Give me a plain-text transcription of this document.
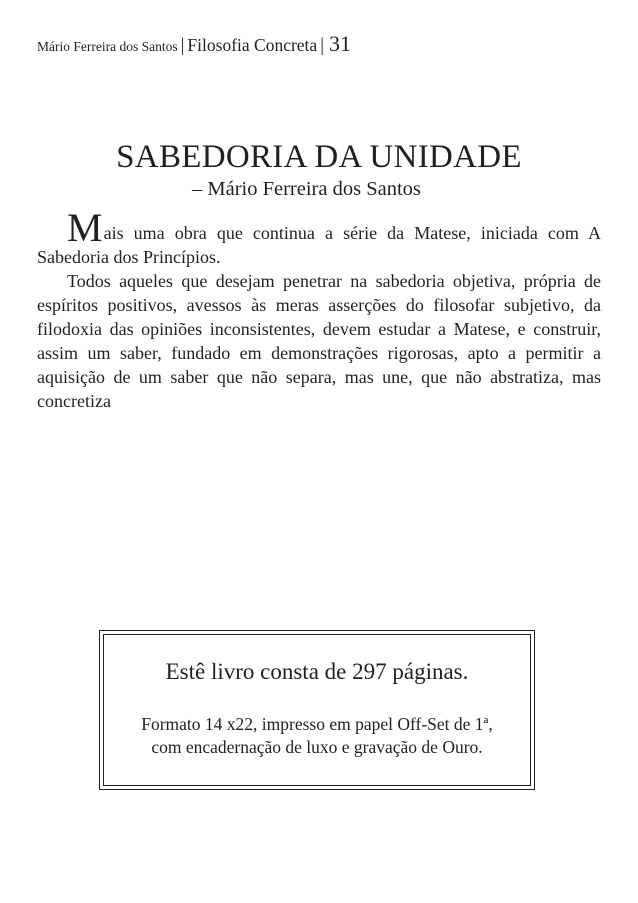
Mário Ferreira dos Santos | Filosofia Concreta | 31
SABEDORIA DA UNIDADE
– Mário Ferreira dos Santos

Mais uma obra que continua a série da Matese, iniciada com A Sabedoria dos Princípios.

Todos aqueles que desejam penetrar na sabedoria objetiva, própria de espíritos positivos, avessos às meras asserções do filosofar subjetivo, da filodoxia das opiniões inconsistentes, devem estudar a Matese, e construir, assim um saber, fundado em demonstrações rigorosas, apto a permitir a aquisição de um saber que não separa, mas une, que não abstratiza, mas concretiza

Estê livro consta de 297 páginas.
Formato 14 x22, impresso em papel Off-Set de 1ª,
com encadernação de luxo e gravação de Ouro.
